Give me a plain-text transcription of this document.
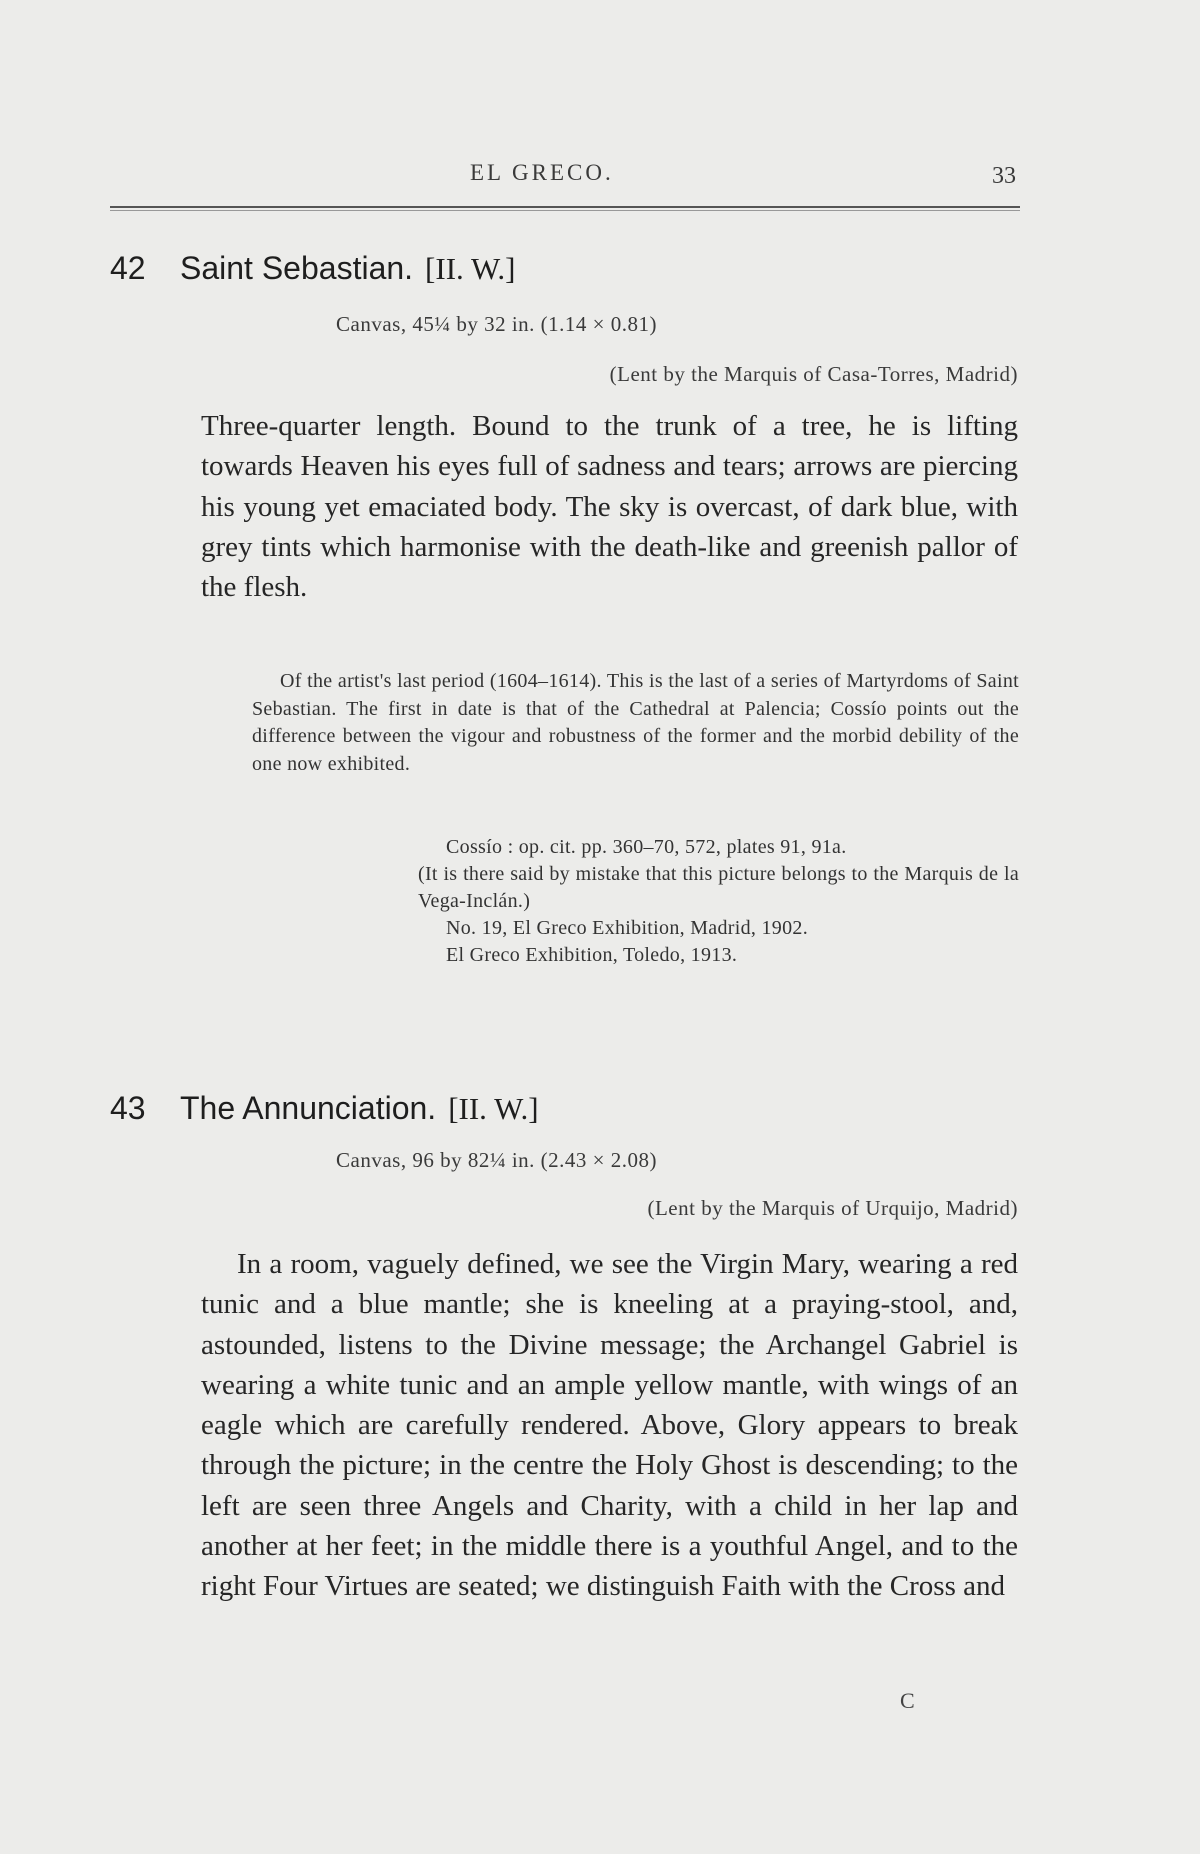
EL GRECO.	33
42 Saint Sebastian. [II. W.]
Canvas, 45¼ by 32 in. (1.14 × 0.81)
(Lent by the Marquis of Casa-Torres, Madrid)
Three-quarter length. Bound to the trunk of a tree, he is lifting towards Heaven his eyes full of sadness and tears; arrows are piercing his young yet emaciated body. The sky is overcast, of dark blue, with grey tints which harmonise with the death-like and greenish pallor of the flesh.
Of the artist's last period (1604–1614). This is the last of a series of Martyrdoms of Saint Sebastian. The first in date is that of the Cathedral at Palencia; Cossío points out the difference between the vigour and robustness of the former and the morbid debility of the one now exhibited.
Cossío : op. cit. pp. 360–70, 572, plates 91, 91a.
(It is there said by mistake that this picture belongs to the Marquis de la Vega-Inclán.)
No. 19, El Greco Exhibition, Madrid, 1902.
El Greco Exhibition, Toledo, 1913.
43 The Annunciation. [II. W.]
Canvas, 96 by 82¼ in. (2.43 × 2.08)
(Lent by the Marquis of Urquijo, Madrid)
In a room, vaguely defined, we see the Virgin Mary, wearing a red tunic and a blue mantle; she is kneeling at a praying-stool, and, astounded, listens to the Divine message; the Archangel Gabriel is wearing a white tunic and an ample yellow mantle, with wings of an eagle which are carefully rendered. Above, Glory appears to break through the picture; in the centre the Holy Ghost is descending; to the left are seen three Angels and Charity, with a child in her lap and another at her feet; in the middle there is a youthful Angel, and to the right Four Virtues are seated; we distinguish Faith with the Cross and
C
